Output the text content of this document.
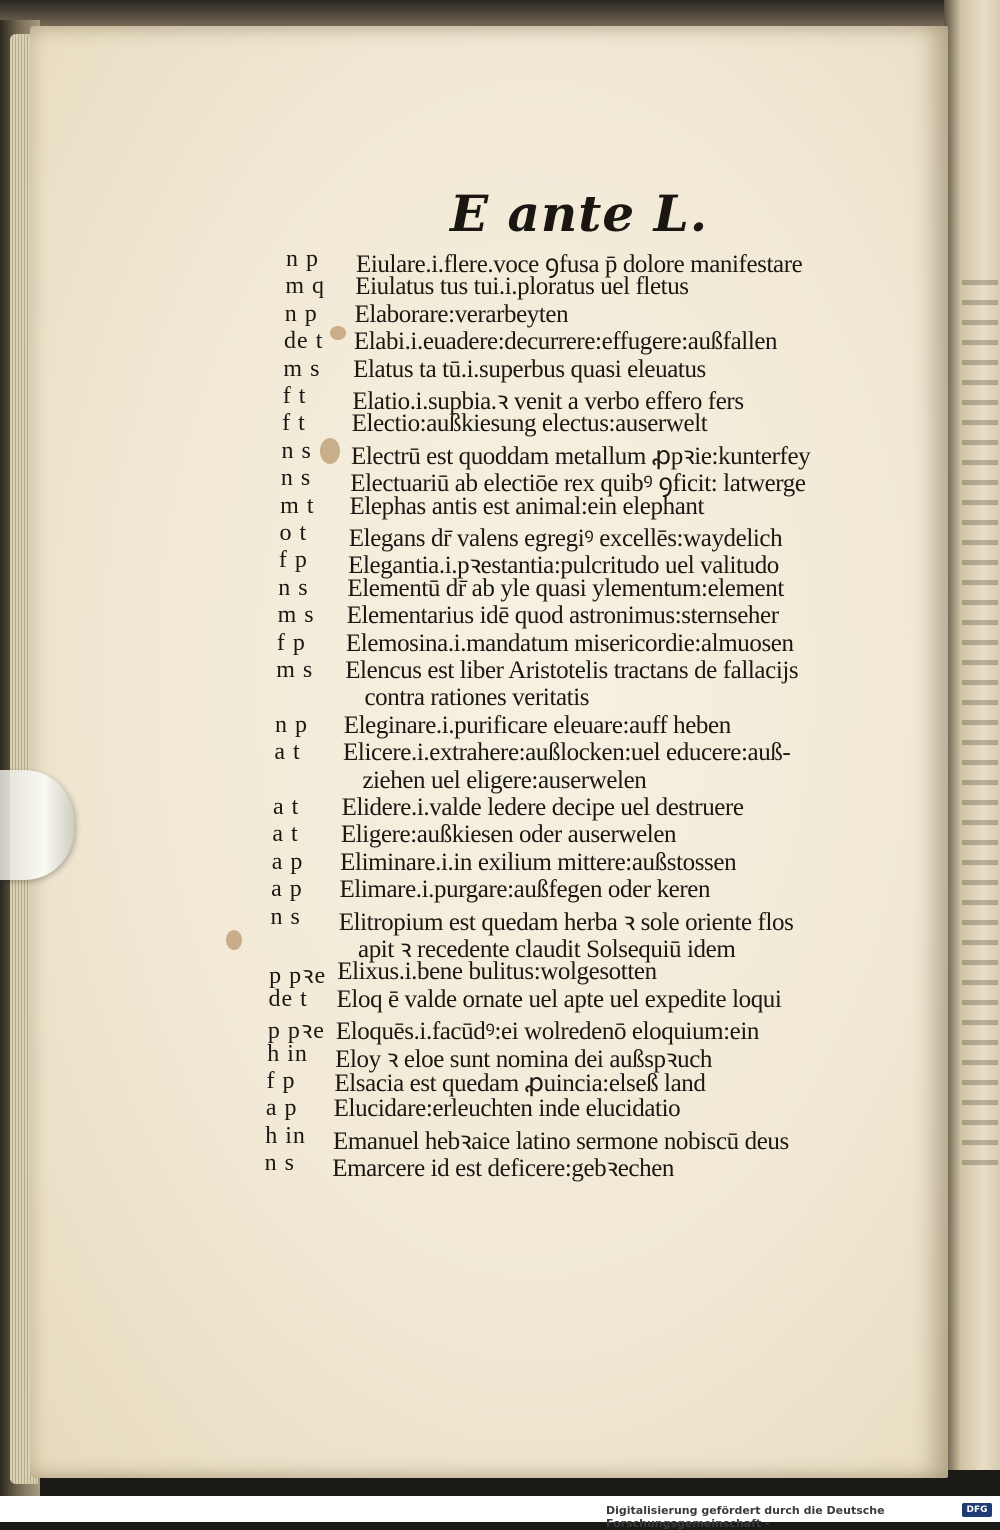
E ante L.
n p Eiulare.i.flere.voce ꝯfusa p̄ dolore manifestare
m q Eiulatus tus tui.i.ploratus uel fletus
n p Elaborare:verarbeyten
de t Elabi.i.euadere:decurrere:effugere:außfallen
m s Elatus ta tū.i.superbus quasi eleuatus
f t Elatio.i.supbia.ꝛ venit a verbo effero fers
f t Electio:außkiesung electus:auserwelt
n s Electrū est quoddam metallum ꝓpꝛie:kunterfey
n s Electuariū ab electiōe rex quibꝰ ꝯficit: latwerge
m t Elephas antis est animal:ein elephant
o t Elegans dr̄ valens egregiꝰ excellēs:waydelich
f p Elegantia.i.pꝛestantia:pulcritudo uel valitudo
n s Elementū dr̄ ab yle quasi ylementum:element
m s Elementarius idē quod astronimus:sternseher
f p Elemosina.i.mandatum misericordie:almuosen
m s Elencus est liber Aristotelis tractans de fallacijs
contra rationes veritatis
n p Eleginare.i.purificare eleuare:auff heben
a t Elicere.i.extrahere:außlocken:uel educere:auß-
ziehen uel eligere:auserwelen
a t Elidere.i.valde ledere decipe uel destruere
a t Eligere:außkiesen oder auserwelen
a p Eliminare.i.in exilium mittere:außstossen
a p Elimare.i.purgare:außfegen oder keren
n s Elitropium est quedam herba ꝛ sole oriente flos
apit ꝛ recedente claudit Solsequiū idem
p pꝛe Elixus.i.bene bulitus:wolgesotten
de t Eloq ē valde ornate uel apte uel expedite loqui
p pꝛe Eloquēs.i.facūdꝰ:ei wolredenō eloquium:ein
h in Eloy ꝛ eloe sunt nomina dei außspꝛuch
f p Elsacia est quedam ꝓuincia:elseß land
a p Elucidare:erleuchten inde elucidatio
h in Emanuel hebꝛaice latino sermone nobiscū deus
n s Emarcere id est deficere:gebꝛechen
Digitalisierung gefördert durch die Deutsche Forschungsgemeinschaft -
DFG
